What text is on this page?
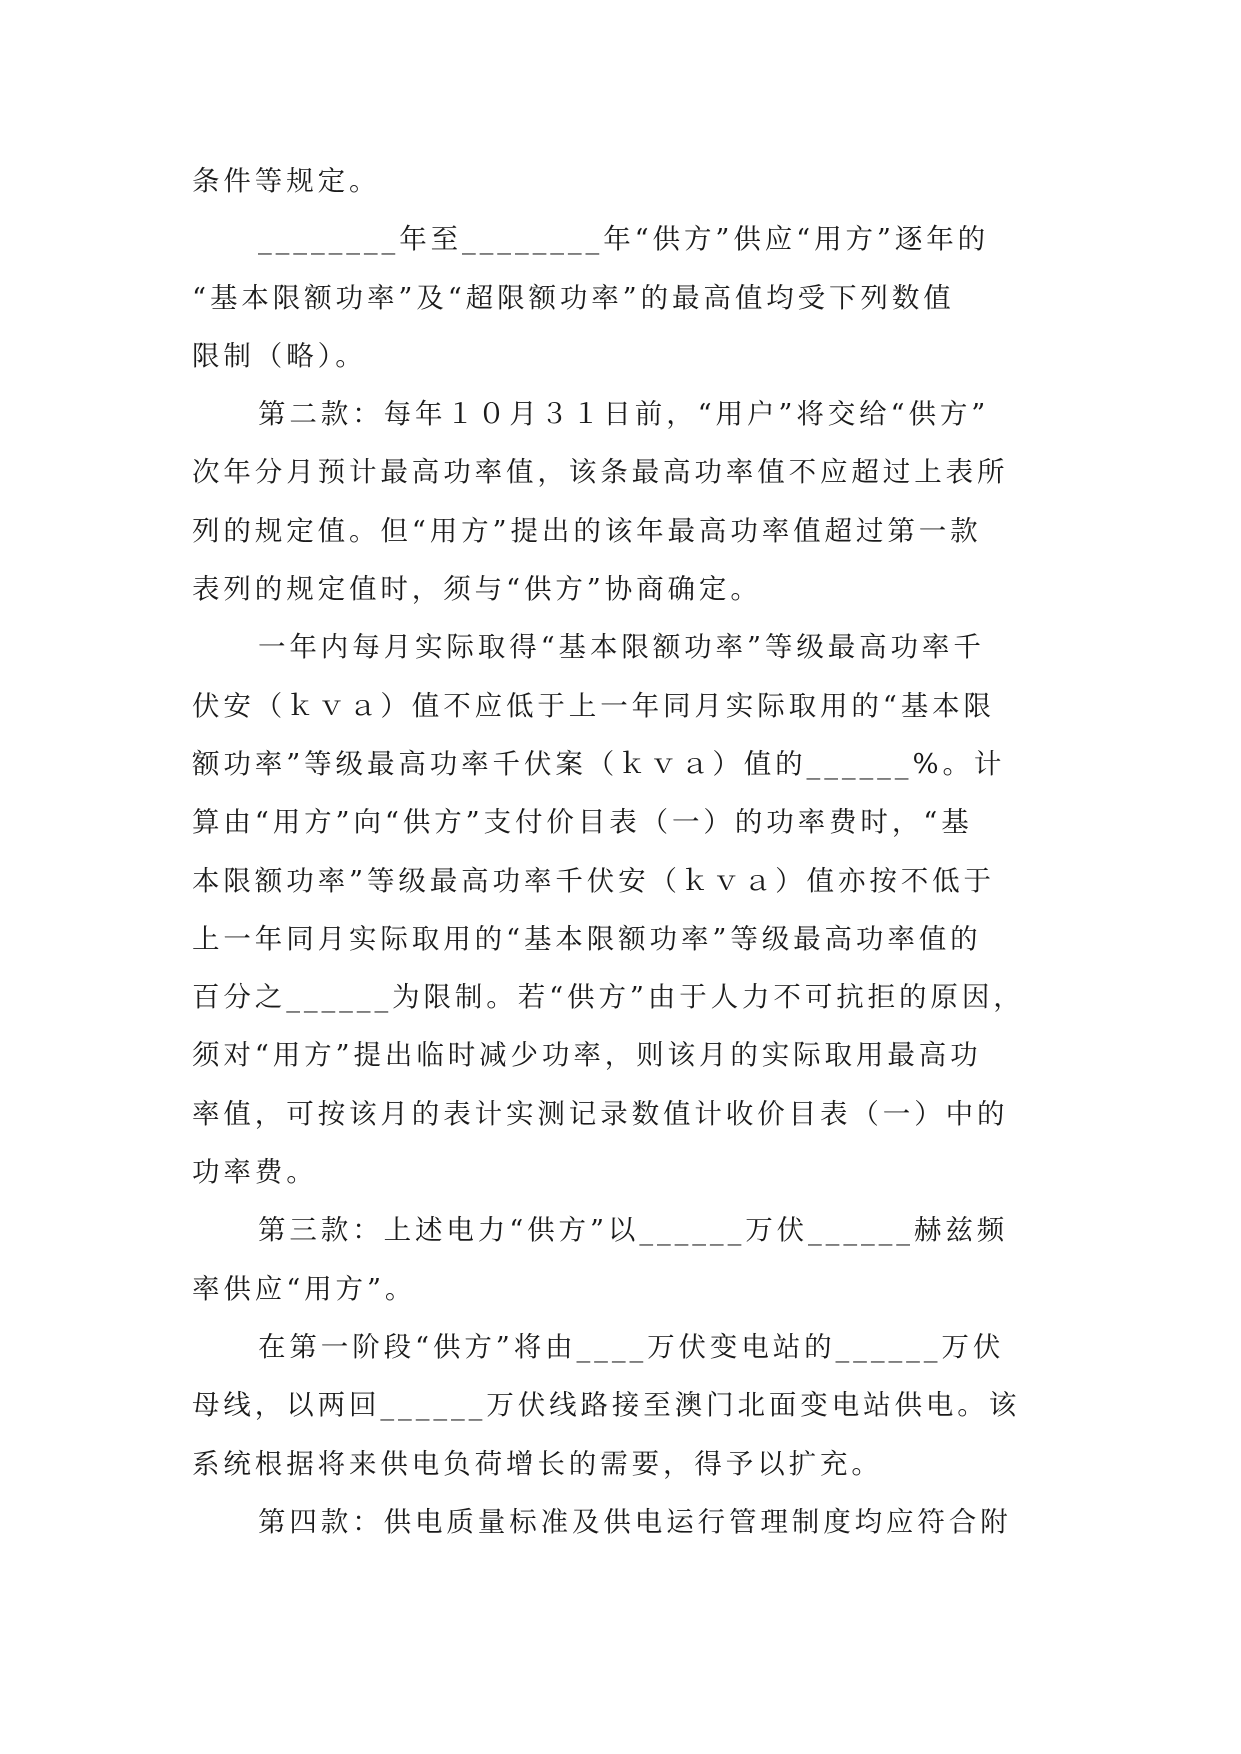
条件等规定。
________年至________年“供方”供应“用方”逐年的
“基本限额功率”及“超限额功率”的最高值均受下列数值
限制（略）。
第二款：每年１０月３１日前，“用户”将交给“供方”
次年分月预计最高功率值，该条最高功率值不应超过上表所
列的规定值。但“用方”提出的该年最高功率值超过第一款
表列的规定值时，须与“供方”协商确定。
一年内每月实际取得“基本限额功率”等级最高功率千
伏安（ｋｖａ）值不应低于上一年同月实际取用的“基本限
额功率”等级最高功率千伏案（ｋｖａ）值的______%。计
算由“用方”向“供方”支付价目表（一）的功率费时，“基
本限额功率”等级最高功率千伏安（ｋｖａ）值亦按不低于
上一年同月实际取用的“基本限额功率”等级最高功率值的
百分之______为限制。若“供方”由于人力不可抗拒的原因，
须对“用方”提出临时减少功率，则该月的实际取用最高功
率值，可按该月的表计实测记录数值计收价目表（一）中的
功率费。
第三款：上述电力“供方”以______万伏______赫兹频
率供应“用方”。
在第一阶段“供方”将由____万伏变电站的______万伏
母线，以两回______万伏线路接至澳门北面变电站供电。该
系统根据将来供电负荷增长的需要，得予以扩充。
第四款：供电质量标准及供电运行管理制度均应符合附
